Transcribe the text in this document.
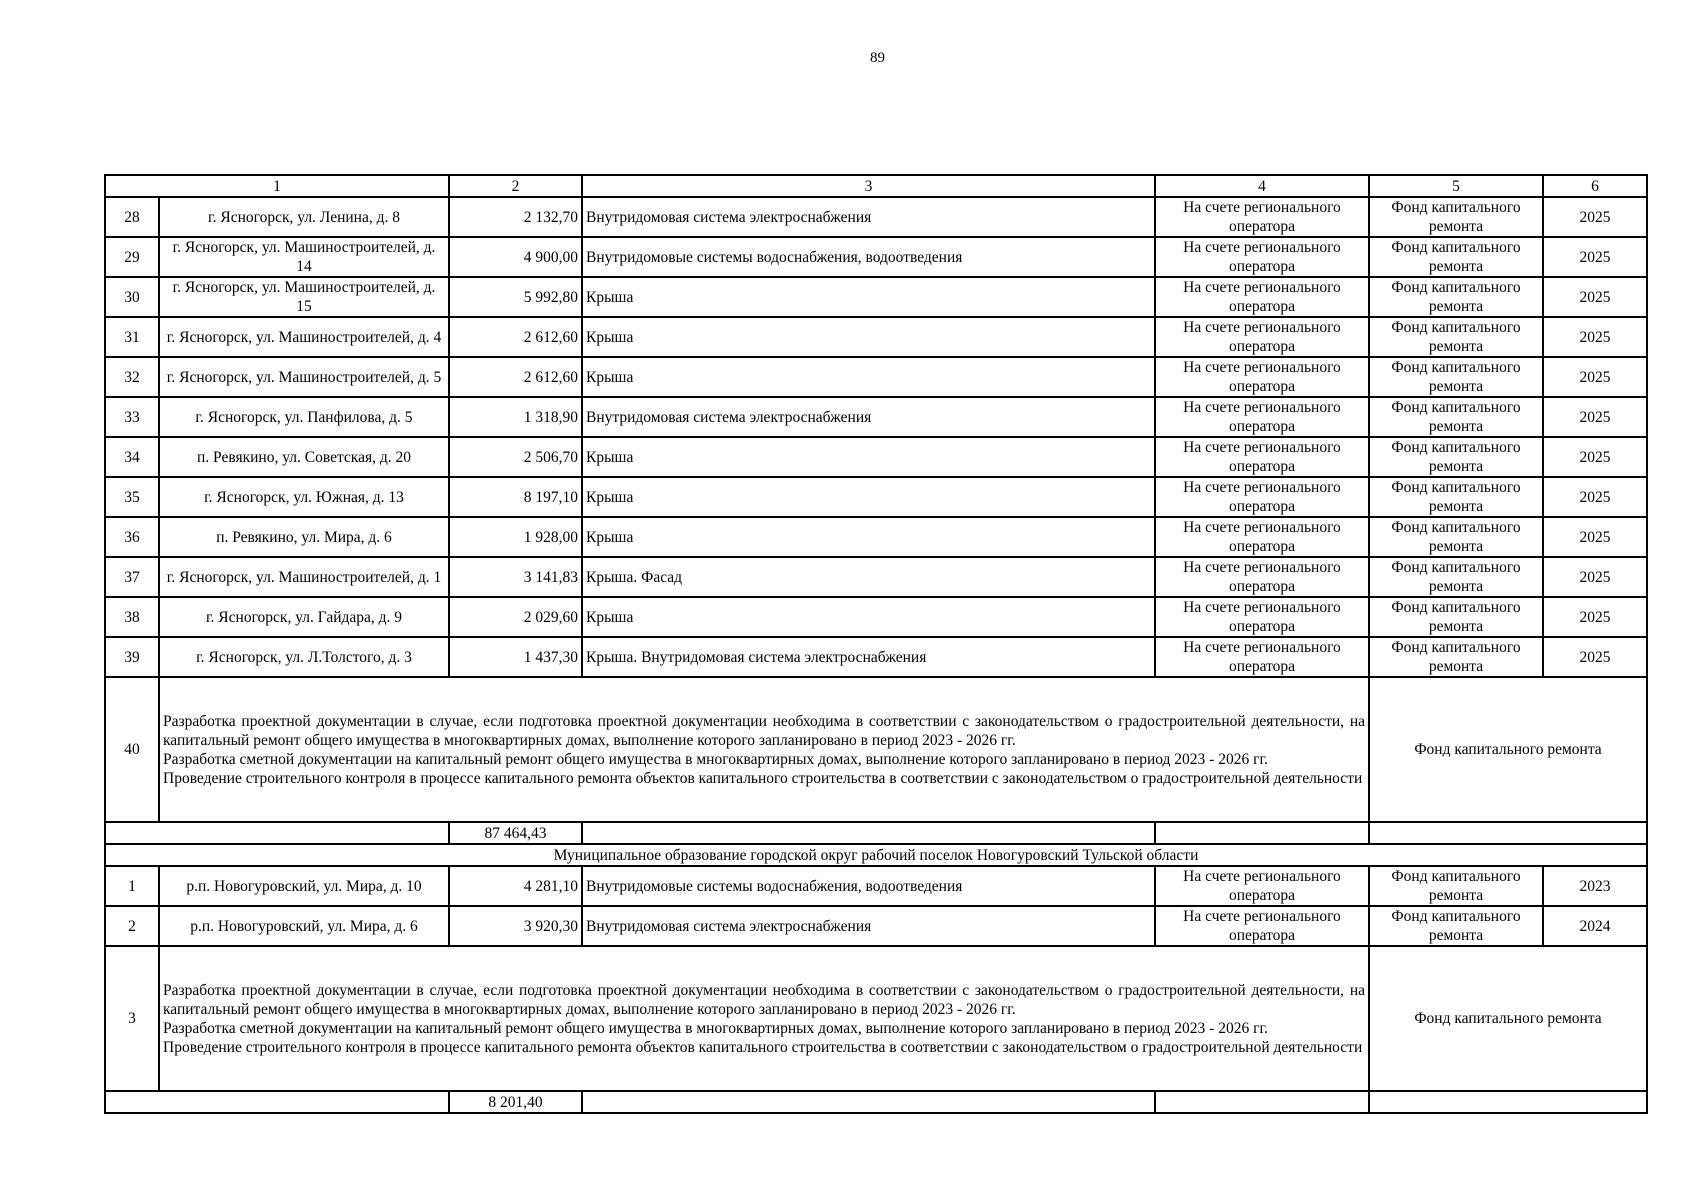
89
1		2	3	4	5	6
28	г. Ясногорск, ул. Ленина, д. 8	2 132,70	Внутридомовая система электроснабжения	На счете регионального оператора	Фонд капитального ремонта	2025
29	г. Ясногорск, ул. Машиностроителей, д. 14	4 900,00	Внутридомовые системы водоснабжения, водоотведения	На счете регионального оператора	Фонд капитального ремонта	2025
30	г. Ясногорск, ул. Машиностроителей, д. 15	5 992,80	Крыша	На счете регионального оператора	Фонд капитального ремонта	2025
31	г. Ясногорск, ул. Машиностроителей, д. 4	2 612,60	Крыша	На счете регионального оператора	Фонд капитального ремонта	2025
32	г. Ясногорск, ул. Машиностроителей, д. 5	2 612,60	Крыша	На счете регионального оператора	Фонд капитального ремонта	2025
33	г. Ясногорск, ул. Панфилова, д. 5	1 318,90	Внутридомовая система электроснабжения	На счете регионального оператора	Фонд капитального ремонта	2025
34	п. Ревякино, ул. Советская, д. 20	2 506,70	Крыша	На счете регионального оператора	Фонд капитального ремонта	2025
35	г. Ясногорск, ул. Южная, д. 13	8 197,10	Крыша	На счете регионального оператора	Фонд капитального ремонта	2025
36	п. Ревякино, ул. Мира, д. 6	1 928,00	Крыша	На счете регионального оператора	Фонд капитального ремонта	2025
37	г. Ясногорск, ул. Машиностроителей, д. 1	3 141,83	Крыша. Фасад	На счете регионального оператора	Фонд капитального ремонта	2025
38	г. Ясногорск, ул. Гайдара, д. 9	2 029,60	Крыша	На счете регионального оператора	Фонд капитального ремонта	2025
39	г. Ясногорск, ул. Л.Толстого, д. 3	1 437,30	Крыша. Внутридомовая система электроснабжения	На счете регионального оператора	Фонд капитального ремонта	2025
40	Разработка проектной документации в случае, если подготовка проектной документации необходима в соответствии с законодательством о градостроительной деятельности, на капитальный ремонт общего имущества в многоквартирных домах, выполнение которого запланировано в период 2023 - 2026 гг.
Разработка сметной документации на капитальный ремонт общего имущества в многоквартирных домах, выполнение которого запланировано в период 2023 - 2026 гг.
Проведение строительного контроля в процессе капитального ремонта объектов капитального строительства в соответствии с законодательством о градостроительной деятельности				Фонд капитального ремонта	
		87 464,43				
Муниципальное образование городской округ рабочий поселок Новогуровский Тульской области						
1	р.п. Новогуровский, ул. Мира, д. 10	4 281,10	Внутридомовые системы водоснабжения, водоотведения	На счете регионального оператора	Фонд капитального ремонта	2023
2	р.п. Новогуровский, ул. Мира, д. 6	3 920,30	Внутридомовая система электроснабжения	На счете регионального оператора	Фонд капитального ремонта	2024
3	Разработка проектной документации в случае, если подготовка проектной документации необходима в соответствии с законодательством о градостроительной деятельности, на капитальный ремонт общего имущества в многоквартирных домах, выполнение которого запланировано в период 2023 - 2026 гг.
Разработка сметной документации на капитальный ремонт общего имущества в многоквартирных домах, выполнение которого запланировано в период 2023 - 2026 гг.
Проведение строительного контроля в процессе капитального ремонта объектов капитального строительства в соответствии с законодательством о градостроительной деятельности				Фонд капитального ремонта	
		8 201,40				
